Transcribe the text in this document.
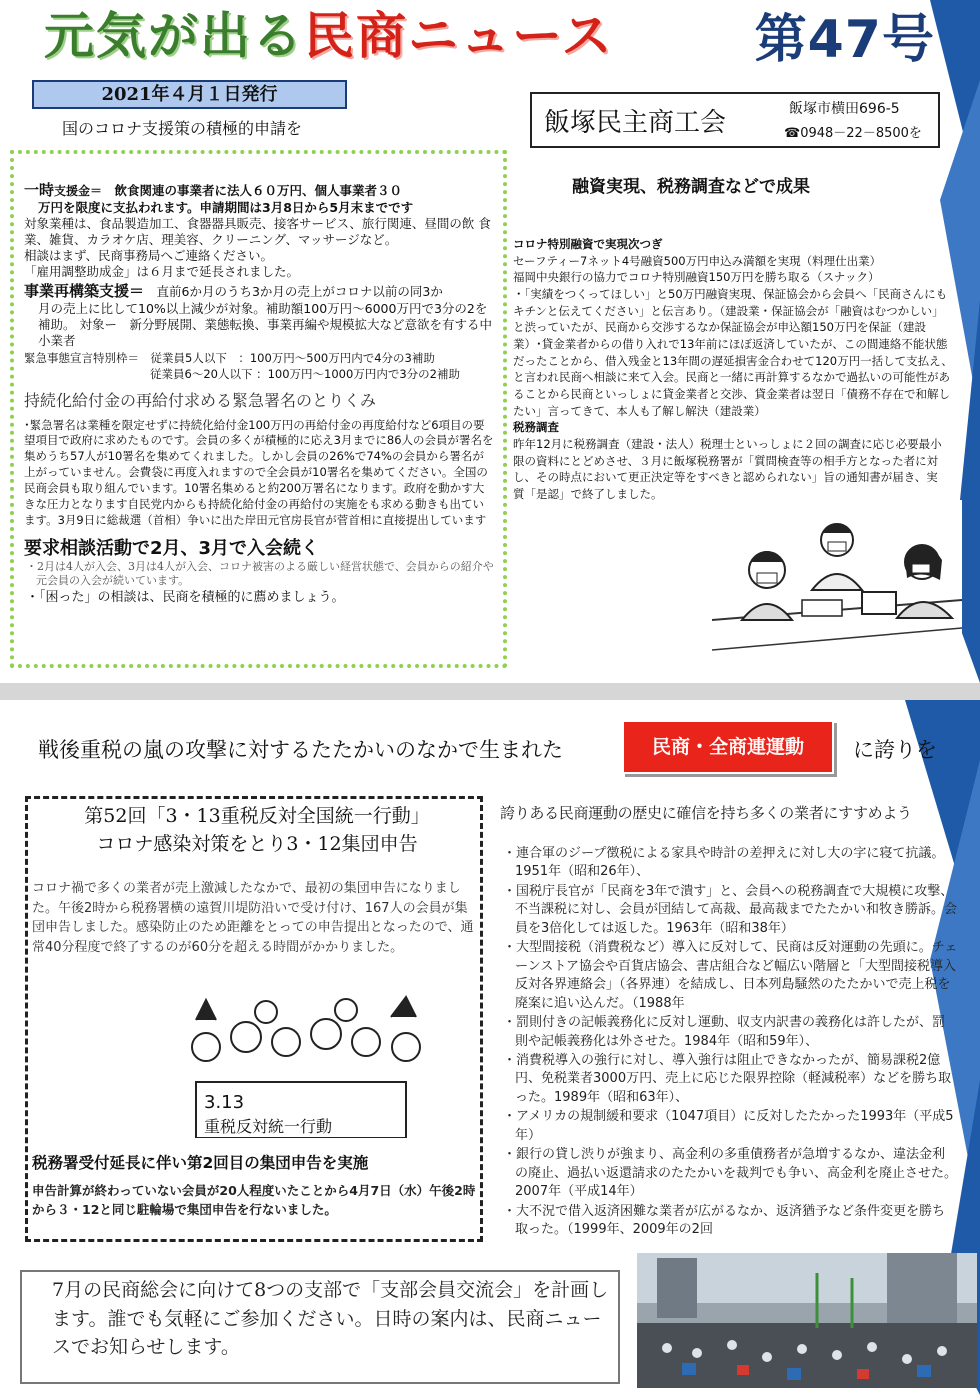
元気が出る民商ニュース	第47号
2021年４月１日発行
飯塚民主商工会	飯塚市横田696-5
☎0948－22－8500を
国のコロナ支援策の積極的申請を

一時支援金＝　飲食関連の事業者に法人６０万円、個人事業者３０

万円を限度に支払われます。申請期間は3月8日から5月末までです

対象業種は、食品製造加工、食器器具販売、接客サービス、旅行関連、昼間の飲 食業、雑貨、カラオケ店、理美容、クリーニング、マッサージなど。

相談はまず、民商事務局へご連絡ください。

「雇用調整助成金」は６月まで延長されました。

事業再構築支援＝　直前6か月のうち3か月の売上がコロナ以前の同3か

月の売上に比して10%以上減少が対象。補助額100万円～6000万円で3分の2を補助。 対象ー　新分野展開、業態転換、事業再編や規模拡大など意欲を有する中小業者

緊急事態宣言特別枠＝　従業員5人以下　：100万円～500万円内で4分の3補助

従業員6～20人以下 ：100万円～1000万円内で3分の2補助

持続化給付金の再給付求める緊急署名のとりくみ

･緊急署名は業種を限定せずに持続化給付金100万円の再給付金の再度給付など6項目の要望項目で政府に求めたものです。会員の多くが積極的に応え3月までに86人の会員が署名を集めうち57人が10署名を集めてくれました。しかし会員の26%で74%の会員から署名が上がっていません。会費袋に再度入れますので全会員が10署名を集めてください。全国の民商会員も取り組んでいます。10署名集めると約200万署名になります。政府を動かす大きな圧力となります自民党内からも持続化給付金の再給付の実施をも求める動きも出ています。3月9日に総裁選（首相）争いに出た岸田元官房長官が菅首相に直接提出しています

要求相談活動で2月、3月で入会続く

・2月は4人が入会、3月は4人が入会、コロナ被害のよる厳しい経営状態で、会員からの紹介や元会員の入会が続いています。

・「困った」の相談は、民商を積極的に薦めましょう。

融資実現、税務調査などで成果
コロナ特別融資で実現次つぎ
セーフティー7ネット4号融資500万円申込み満額を実現（料理仕出業）
福岡中央銀行の協力でコロナ特別融資150万円を勝ち取る（スナック）
・「実績をつくってほしい」と50万円融資実現、保証協会から会員へ「民商さんにもキチンと伝えてください」と伝言あり。（建設業・保証協会が「融資はむつかしい」と渋っていたが、民商から交渉するなか保証協会が申込額150万円を保証（建設業）･貸金業者からの借り入れで13年前にほぼ返済していたが、この間連絡不能状態だったことから、借入残金と13年間の遅延損害金合わせて120万円一括して支払え、と言われ民商へ相談に来て入会。民商と一緒に再計算するなかで過払いの可能性があることから民商といっしょに貸金業者と交渉、貸金業者は翌日「債務不存在で和解したい」言ってきて、本人も了解し解決（建設業）
税務調査
昨年12月に税務調査（建設・法人）税理士といっしょに２回の調査に応じ必要最小限の資料にとどめさせ、３月に飯塚税務署が「質問検査等の相手方となった者に対し、その時点において更正決定等をすべきと認められない」旨の通知書が届き、実質「是認」で終了しました。
戦後重税の嵐の攻撃に対するたたかいのなかで生まれた	民商・全商連運動	に誇りを
第52回「3・13重税反対全国統一行動」
コロナ感染対策をとり3・12集団申告
コロナ禍で多くの業者が売上激減したなかで、最初の集団申告になりました。午後2時から税務署横の遠賀川堤防沿いで受け付け、167人の会員が集団申告しました。感染防止のため距離をとっての申告提出となったので、通常40分程度で終了するのが60分を超える時間がかかりました。
税務署受付延長に伴い第2回目の集団申告を実施
申告計算が終わっていない会員が20人程度いたことから4月7日（水）午後2時から３・12と同じ駐輪場で集団申告を行ないました。
3.13
重税反対統一行動
誇りある民商運動の歴史に確信を持ち多くの業者にすすめよう
・連合軍のジープ徴税による家具や時計の差押えに対し大の字に寝て抗議。1951年（昭和26年）、
・国税庁長官が「民商を3年で潰す」と、会員への税務調査で大規模に攻撃、不当課税に対し、会員が団結して高裁、最高裁までたたかい和牧き勝訴。会員を3倍化しては返した。1963年（昭和38年）
・大型間接税（消費税など）導入に反対して、民商は反対運動の先頭に。チェーンストア協会や百貨店協会、書店組合など幅広い階層と「大型間接税導入反対各界連絡会」（各界連）を結成し、日本列島騒然のたたかいで売上税を廃案に追い込んだ。（1988年
・罰則付きの記帳義務化に反対し運動、収支内訳書の義務化は許したが、罰則や記帳義務化は外させた。1984年（昭和59年）、
・消費税導入の強行に対し、導入強行は阻止できなかったが、簡易課税2億円、免税業者3000万円、売上に応じた限界控除（軽減税率）などを勝ち取った。1989年（昭和63年）、
・アメリカの規制緩和要求（1047項目）に反対したたかった1993年（平成5年）
・銀行の貸し渋りが強まり、高金利の多重債務者が急増するなか、違法金利の廃止、過払い返還請求のたたかいを裁判でも争い、高金利を廃止させた。2007年（平成14年）
・大不況で借入返済困難な業者が広がるなか、返済猶予など条件変更を勝ち取った。（1999年、2009年の2回
7月の民商総会に向けて8つの支部で「支部会員交流会」を計画します。誰でも気軽にご参加ください。日時の案内は、民商ニュースでお知らせします。
